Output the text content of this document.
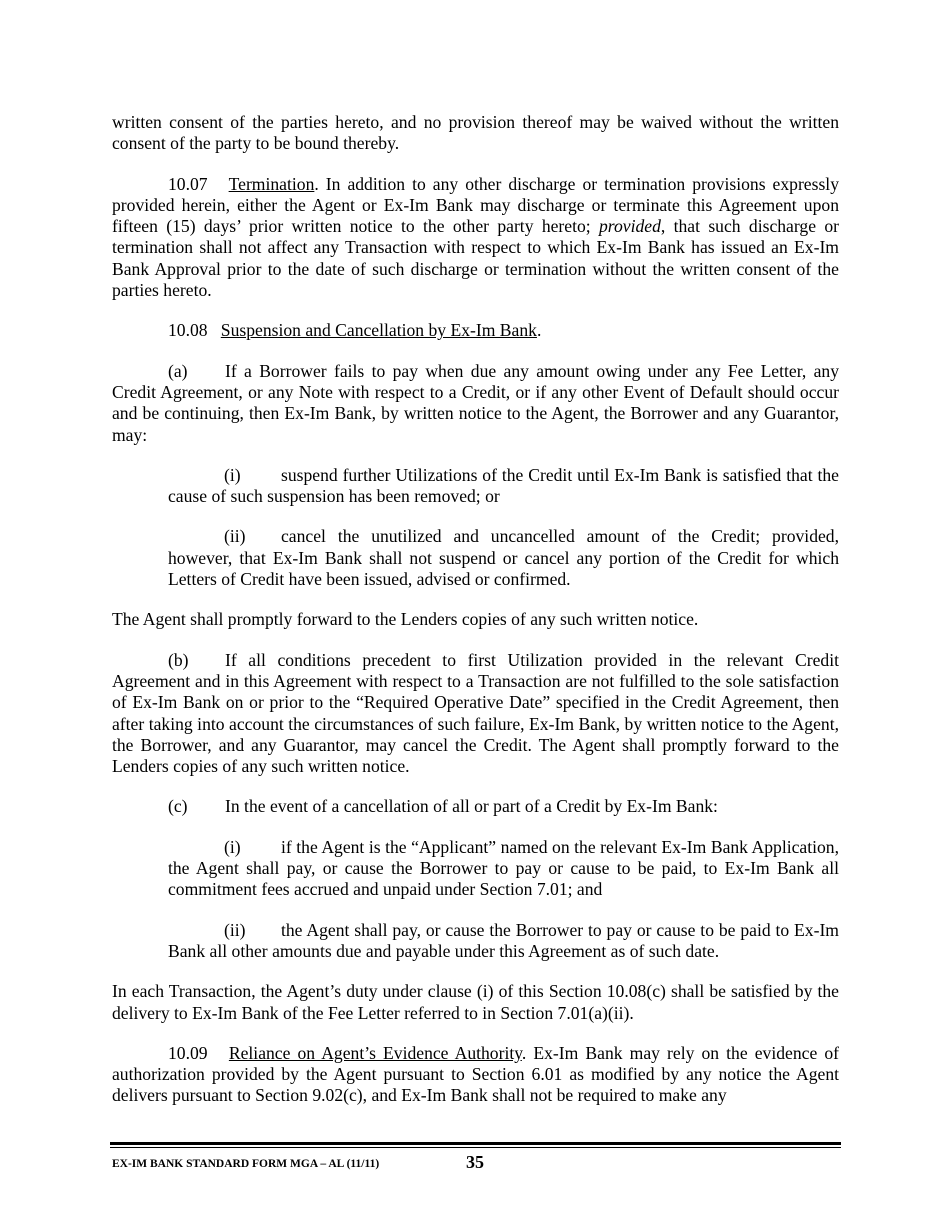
written consent of the parties hereto, and no provision thereof may be waived without the written consent of the party to be bound thereby.

10.07 Termination. In addition to any other discharge or termination provisions expressly provided herein, either the Agent or Ex-Im Bank may discharge or terminate this Agreement upon fifteen (15) days’ prior written notice to the other party hereto; provided, that such discharge or termination shall not affect any Transaction with respect to which Ex-Im Bank has issued an Ex-Im Bank Approval prior to the date of such discharge or termination without the written consent of the parties hereto.

10.08 Suspension and Cancellation by Ex-Im Bank.

(a) If a Borrower fails to pay when due any amount owing under any Fee Letter, any Credit Agreement, or any Note with respect to a Credit, or if any other Event of Default should occur and be continuing, then Ex-Im Bank, by written notice to the Agent, the Borrower and any Guarantor, may:

(i) suspend further Utilizations of the Credit until Ex-Im Bank is satisfied that the cause of such suspension has been removed; or

(ii) cancel the unutilized and uncancelled amount of the Credit; provided, however, that Ex-Im Bank shall not suspend or cancel any portion of the Credit for which Letters of Credit have been issued, advised or confirmed.

The Agent shall promptly forward to the Lenders copies of any such written notice.

(b) If all conditions precedent to first Utilization provided in the relevant Credit Agreement and in this Agreement with respect to a Transaction are not fulfilled to the sole satisfaction of Ex-Im Bank on or prior to the “Required Operative Date” specified in the Credit Agreement, then after taking into account the circumstances of such failure, Ex-Im Bank, by written notice to the Agent, the Borrower, and any Guarantor, may cancel the Credit. The Agent shall promptly forward to the Lenders copies of any such written notice.

(c) In the event of a cancellation of all or part of a Credit by Ex-Im Bank:

(i) if the Agent is the “Applicant” named on the relevant Ex-Im Bank Application, the Agent shall pay, or cause the Borrower to pay or cause to be paid, to Ex-Im Bank all commitment fees accrued and unpaid under Section 7.01; and

(ii) the Agent shall pay, or cause the Borrower to pay or cause to be paid to Ex-Im Bank all other amounts due and payable under this Agreement as of such date.

In each Transaction, the Agent’s duty under clause (i) of this Section 10.08(c) shall be satisfied by the delivery to Ex-Im Bank of the Fee Letter referred to in Section 7.01(a)(ii).

10.09 Reliance on Agent’s Evidence Authority. Ex-Im Bank may rely on the evidence of authorization provided by the Agent pursuant to Section 6.01 as modified by any notice the Agent delivers pursuant to Section 9.02(c), and Ex-Im Bank shall not be required to make any

EX-IM BANK STANDARD FORM MGA – AL (11/11)	35
